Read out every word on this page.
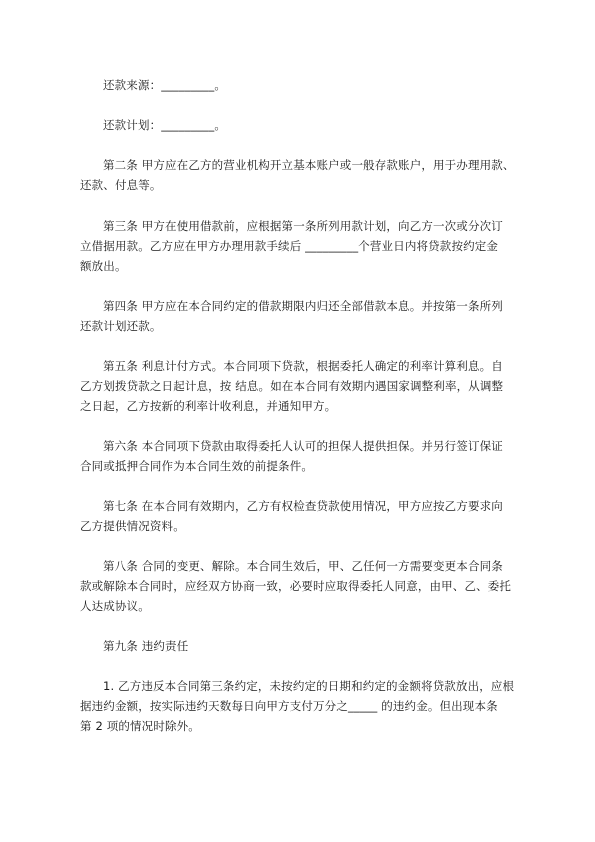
还款来源：_________。
还款计划：_________。
第二条 甲方应在乙方的营业机构开立基本账户或一般存款账户，用于办理用款、
还款、付息等。
第三条 甲方在使用借款前，应根据第一条所列用款计划，向乙方一次或分次订
立借据用款。乙方应在甲方办理用款手续后 _________个营业日内将贷款按约定金
额放出。
第四条 甲方应在本合同约定的借款期限内归还全部借款本息。并按第一条所列
还款计划还款。
第五条 利息计付方式。本合同项下贷款，根据委托人确定的利率计算利息。自
乙方划拨贷款之日起计息，按 结息。如在本合同有效期内遇国家调整利率，从调整
之日起，乙方按新的利率计收利息，并通知甲方。
第六条 本合同项下贷款由取得委托人认可的担保人提供担保。并另行签订保证
合同或抵押合同作为本合同生效的前提条件。
第七条 在本合同有效期内，乙方有权检查贷款使用情况，甲方应按乙方要求向
乙方提供情况资料。
第八条 合同的变更、解除。本合同生效后，甲、乙任何一方需要变更本合同条
款或解除本合同时，应经双方协商一致，必要时应取得委托人同意，由甲、乙、委托
人达成协议。
第九条 违约责任
1. 乙方违反本合同第三条约定，未按约定的日期和约定的金额将贷款放出，应根
据违约金额，按实际违约天数每日向甲方支付万分之_____ 的违约金。但出现本条
第 2 项的情况时除外。
